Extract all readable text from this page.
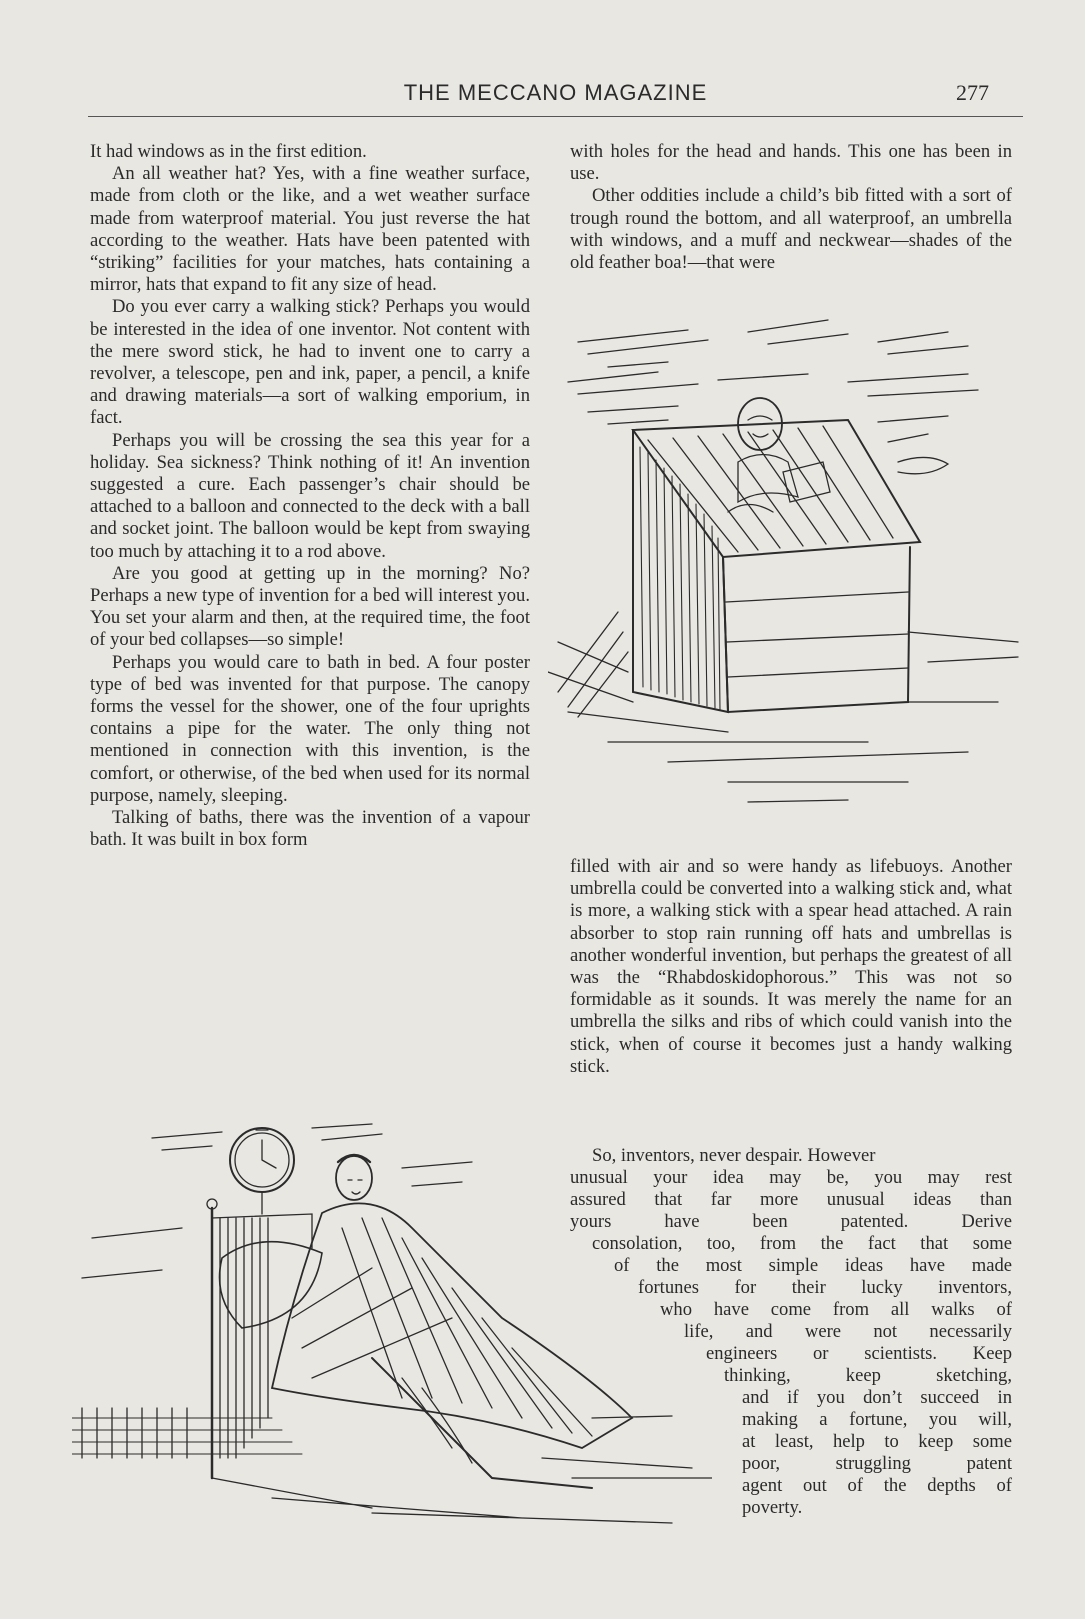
THE MECCANO MAGAZINE	277

It had windows as in the first edition.

An all weather hat? Yes, with a fine weather surface, made from cloth or the like, and a wet weather surface made from waterproof material. You just reverse the hat according to the weather. Hats have been patented with “striking” facilities for your matches, hats containing a mirror, hats that expand to fit any size of head.

Do you ever carry a walking stick? Perhaps you would be interested in the idea of one inventor. Not content with the mere sword stick, he had to invent one to carry a revolver, a telescope, pen and ink, paper, a pencil, a knife and drawing materials—a sort of walking emporium, in fact.

Perhaps you will be crossing the sea this year for a holiday. Sea sickness? Think nothing of it! An invention suggested a cure. Each passenger’s chair should be attached to a balloon and connected to the deck with a ball and socket joint. The balloon would be kept from swaying too much by attaching it to a rod above.

Are you good at getting up in the morning? No? Perhaps a new type of invention for a bed will interest you. You set your alarm and then, at the required time, the foot of your bed collapses—so simple!

Perhaps you would care to bath in bed. A four poster type of bed was invented for that purpose. The canopy forms the vessel for the shower, one of the four uprights contains a pipe for the water. The only thing not mentioned in connection with this invention, is the comfort, or otherwise, of the bed when used for its normal purpose, namely, sleeping.

Talking of baths, there was the invention of a vapour bath. It was built in box form

with holes for the head and hands. This one has been in use.

Other oddities include a child’s bib fitted with a sort of trough round the bottom, and all waterproof, an umbrella with windows, and a muff and neckwear—shades of the old feather boa!—that were

filled with air and so were handy as lifebuoys. Another umbrella could be converted into a walking stick and, what is more, a walking stick with a spear head attached. A rain absorber to stop rain running off hats and umbrellas is another wonderful invention, but perhaps the greatest of all was the “Rhabdoskidophorous.” This was not so formidable as it sounds. It was merely the name for an umbrella the silks and ribs of which could vanish into the stick, when of course it becomes just a handy walking stick.

So, inventors, never despair. However

unusual your idea may be, you may rest

assured that far more unusual ideas than

yours have been patented. Derive

consolation, too, from the fact that some

of the most simple ideas have made

fortunes for their lucky inventors,

who have come from all walks of

life, and were not necessarily

engineers or scientists. Keep

thinking, keep sketching,

and if you don’t succeed in

making a fortune, you will,

at least, help to keep some

poor, struggling patent

agent out of the depths of

poverty.
